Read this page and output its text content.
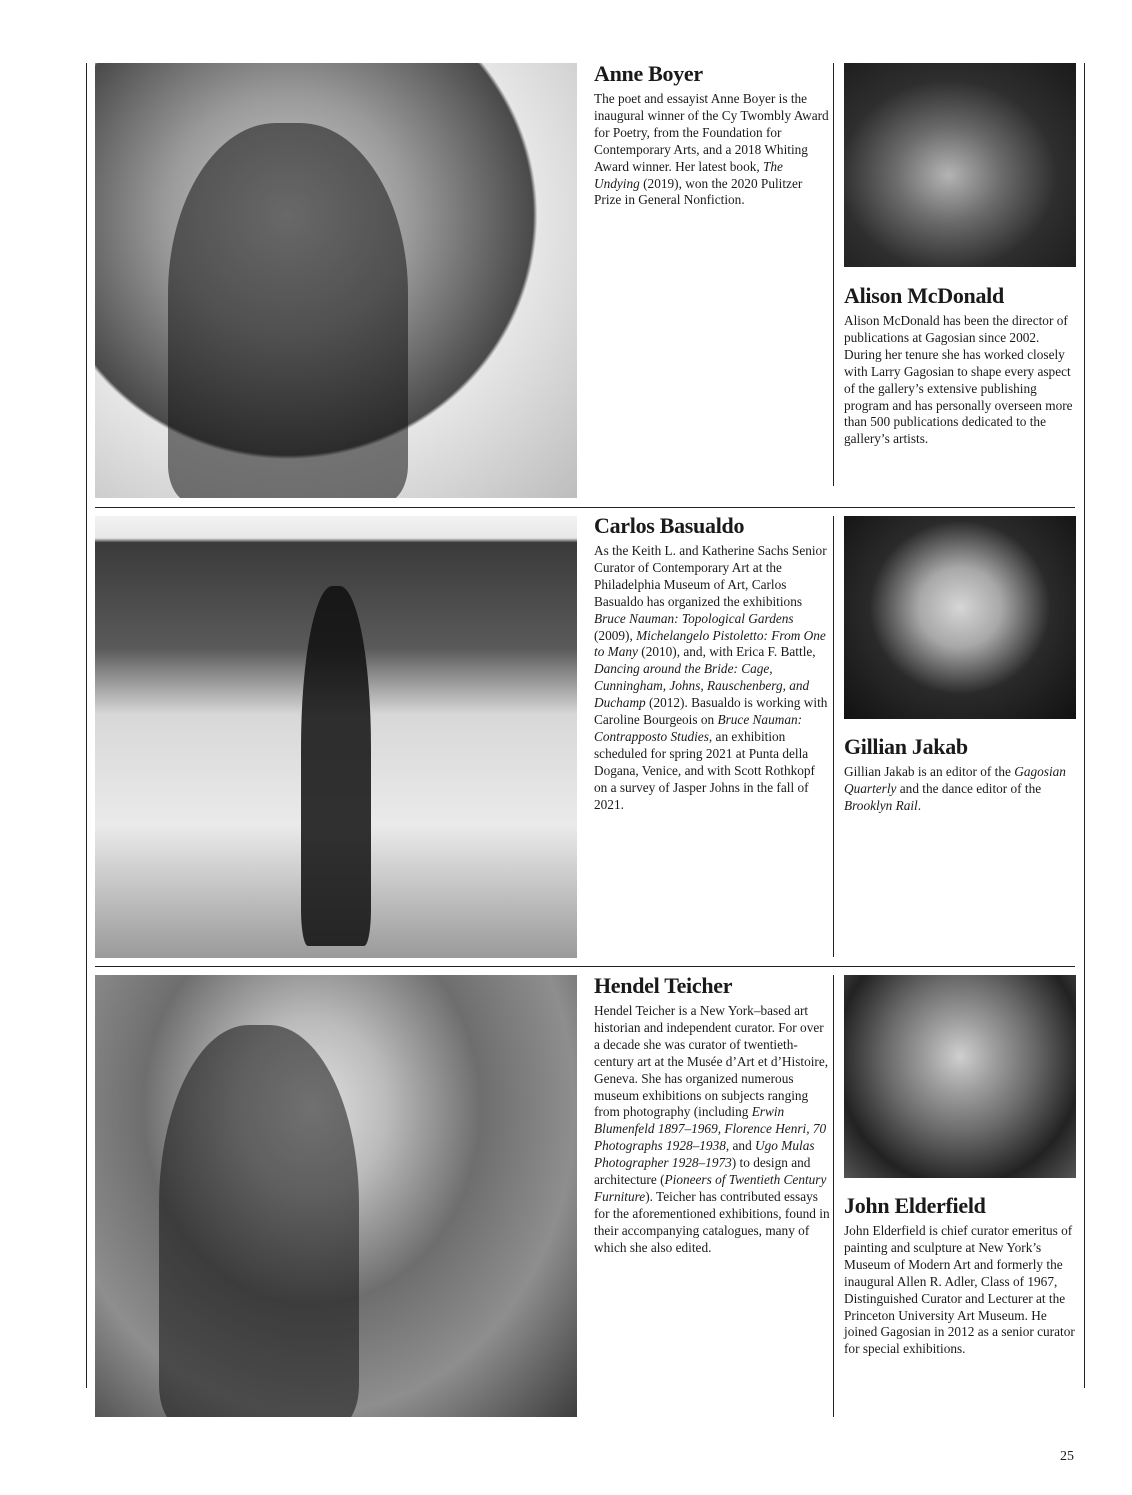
Anne Boyer

The poet and essayist Anne Boyer is the inaugural winner of the Cy Twombly Award for Poetry, from the Foundation for Contemporary Arts, and a 2018 Whiting Award winner. Her latest book, The Undying (2019), won the 2020 Pulitzer Prize in General Nonfiction.

Alison McDonald

Alison McDonald has been the director of publications at Gagosian since 2002. During her tenure she has worked closely with Larry Gagosian to shape every aspect of the gallery’s extensive publishing program and has personally overseen more than 500 publications dedicated to the gallery’s artists.

Carlos Basualdo

As the Keith L. and Katherine Sachs Senior Curator of Contemporary Art at the Philadelphia Museum of Art, Carlos Basualdo has organized the exhibitions Bruce Nauman: Topological Gardens (2009), Michelangelo Pistoletto: From One to Many (2010), and, with Erica F. Battle, Dancing around the Bride: Cage, Cunningham, Johns, Rauschenberg, and Duchamp (2012). Basualdo is working with Caroline Bourgeois on Bruce Nauman: Contrapposto Studies, an exhibition scheduled for spring 2021 at Punta della Dogana, Venice, and with Scott Rothkopf on a survey of Jasper Johns in the fall of 2021.

Gillian Jakab

Gillian Jakab is an editor of the Gagosian Quarterly and the dance editor of the Brooklyn Rail.

Hendel Teicher

Hendel Teicher is a New York–based art historian and independent curator. For over a decade she was curator of twentieth-century art at the Musée d’Art et d’Histoire, Geneva. She has organized numerous museum exhibitions on subjects ranging from photography (including Erwin Blumenfeld 1897–1969, Florence Henri, 70 Photographs 1928–1938, and Ugo Mulas Photographer 1928–1973) to design and architecture (Pioneers of Twentieth Century Furniture). Teicher has contributed essays for the aforementioned exhibitions, found in their accompanying catalogues, many of which she also edited.

John Elderfield

John Elderfield is chief curator emeritus of painting and sculpture at New York’s Museum of Modern Art and formerly the inaugural Allen R. Adler, Class of 1967, Distinguished Curator and Lecturer at the Princeton University Art Museum. He joined Gagosian in 2012 as a senior curator for special exhibitions.

25
